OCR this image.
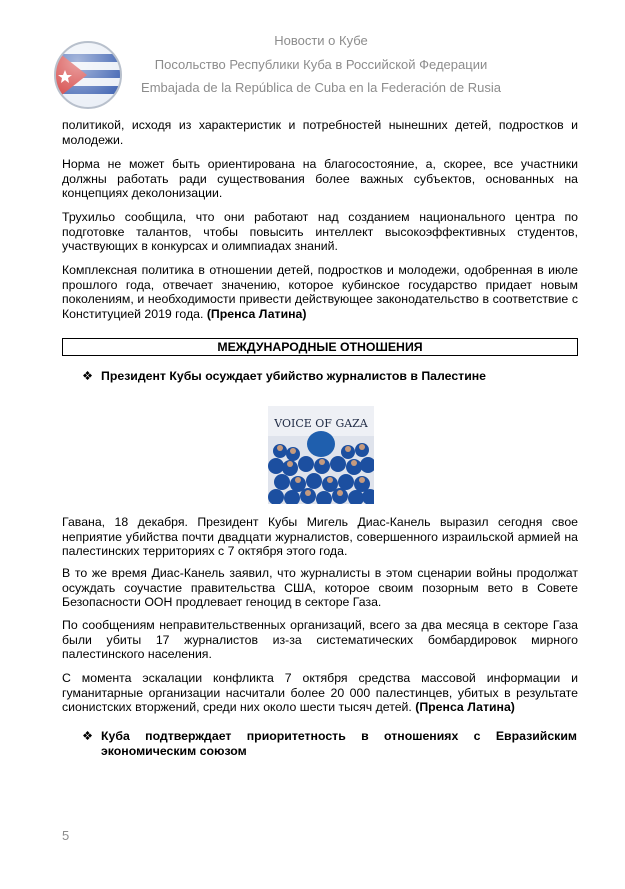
Новости о Кубе
Посольство Республики Куба в Российской Федерации
Embajada de la República de Cuba en la Federación de Rusia

политикой, исходя из характеристик и потребностей нынешних детей, подростков и молодежи.

Норма не может быть ориентирована на благосостояние, а, скорее, все участники должны работать ради существования более важных субъектов, основанных на концепциях деколонизации.

Трухильо сообщила, что они работают над созданием национального центра по подготовке талантов, чтобы повысить интеллект высокоэффективных студентов, участвующих в конкурсах и олимпиадах знаний.

Комплексная политика в отношении детей, подростков и молодежи, одобренная в июле прошлого года, отвечает значению, которое кубинское государство придает новым поколениям, и необходимости привести действующее законодательство в соответствие с Конституцией 2019 года. (Пренса Латина)

МЕЖДУНАРОДНЫЕ ОТНОШЕНИЯ
❖ Президент Кубы осуждает убийство журналистов в Палестине
VOICE OF GAZA

Гавана, 18 декабря. Президент Кубы Мигель Диас-Канель выразил сегодня свое неприятие убийства почти двадцати журналистов, совершенного израильской армией на палестинских территориях с 7 октября этого года.

В то же время Диас-Канель заявил, что журналисты в этом сценарии войны продолжат осуждать соучастие правительства США, которое своим позорным вето в Совете Безопасности ООН продлевает геноцид в секторе Газа.

По сообщениям неправительственных организаций, всего за два месяца в секторе Газа были убиты 17 журналистов из-за систематических бомбардировок мирного палестинского населения.

С момента эскалации конфликта 7 октября средства массовой информации и гуманитарные организации насчитали более 20 000 палестинцев, убитых в результате сионистских вторжений, среди них около шести тысяч детей. (Пренса Латина)

❖ Куба подтверждает приоритетность в отношениях с Евразийским экономическим союзом
5
